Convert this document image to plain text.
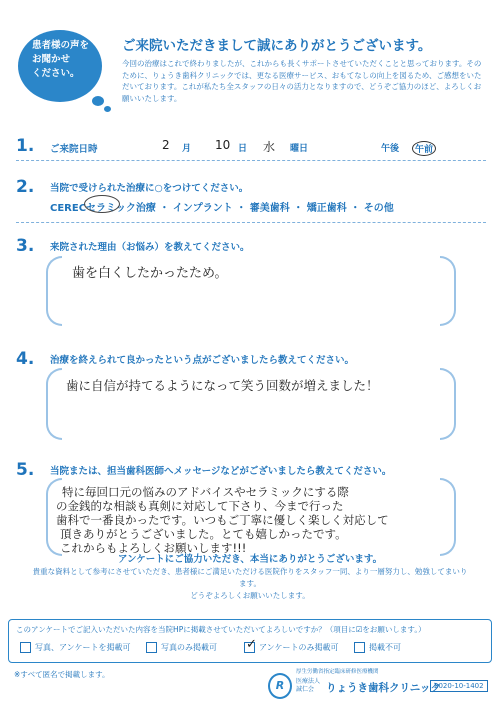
患者様の声を
お聞かせ
ください。
ご来院いただきまして誠にありがとうございます。
今回の治療はこれで終わりましたが、これからも長くサポートさせていただくことと思っております。そのために、りょうき歯科クリニックでは、更なる医療サービス、おもてなしの向上を図るため、ご感想をいただいております。これが私たち全スタッフの日々の活力となりますので、どうぞご協力のほど、よろしくお願いいたします。
1. ご来院日時	2 月 10 日 水 曜日	午後	午前
2. 当院で受けられた治療に○をつけてください。
CERECセラミック治療 ・ インプラント ・ 審美歯科 ・ 矯正歯科 ・ その他
3. 来院された理由（お悩み）を教えてください。
歯を白くしたかったため。
4. 治療を終えられて良かったという点がございましたら教えてください。
歯に自信が持てるようになって笑う回数が増えました！
5. 当院または、担当歯科医師へメッセージなどがございましたら教えてください。
特に毎回口元の悩みのアドバイスやセラミックにする際
の金銭的な相談も真剣に対応して下さり、今まで行った
歯科で一番良かったです。いつもご丁寧に優しく楽しく対応して
頂きありがとうございました。とても嬉しかったです。
これからもよろしくお願いします!!!
アンケートにご協力いただき、本当にありがとうございます。
貴重な資料として参考にさせていただき、患者様にご満足いただける医院作りをスタッフ一同、より一層努力し、勉強してまいります。
どうぞよろしくお願いいたします。
このアンケートでご記入いただいた内容を当院HPに掲載させていただいてよろしいですか？（項目に☑をお願いします。）
写真、アンケートを掲載可	写真のみ掲載可 ✓ アンケートのみ掲載可	掲載不可
※すべて匿名で掲載します。
R
厚生労働省指定臨床研修医療機関
医療法人
誠仁会	りょうき歯科クリニック
2020-10-1402
